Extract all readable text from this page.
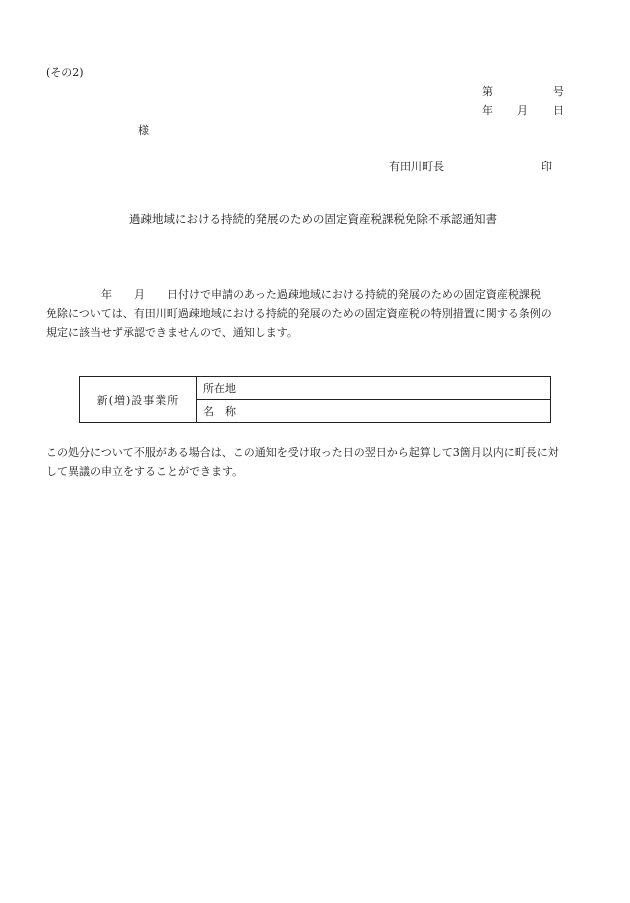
(その2)
第	号
年 月 日
様
有田川町長	印
過疎地域における持続的発展のための固定資産税課税免除不承認通知書
　　　　　年　　月　　日付けで申請のあった過疎地域における持続的発展のための固定資産税課税
免除については、有田川町過疎地域における持続的発展のための固定資産税の特別措置に関する条例の
規定に該当せず承認できませんので、通知します。
新(増)設事業所	所在地
名　称
この処分について不服がある場合は、この通知を受け取った日の翌日から起算して3箇月以内に町長に対
して異議の申立をすることができます。
